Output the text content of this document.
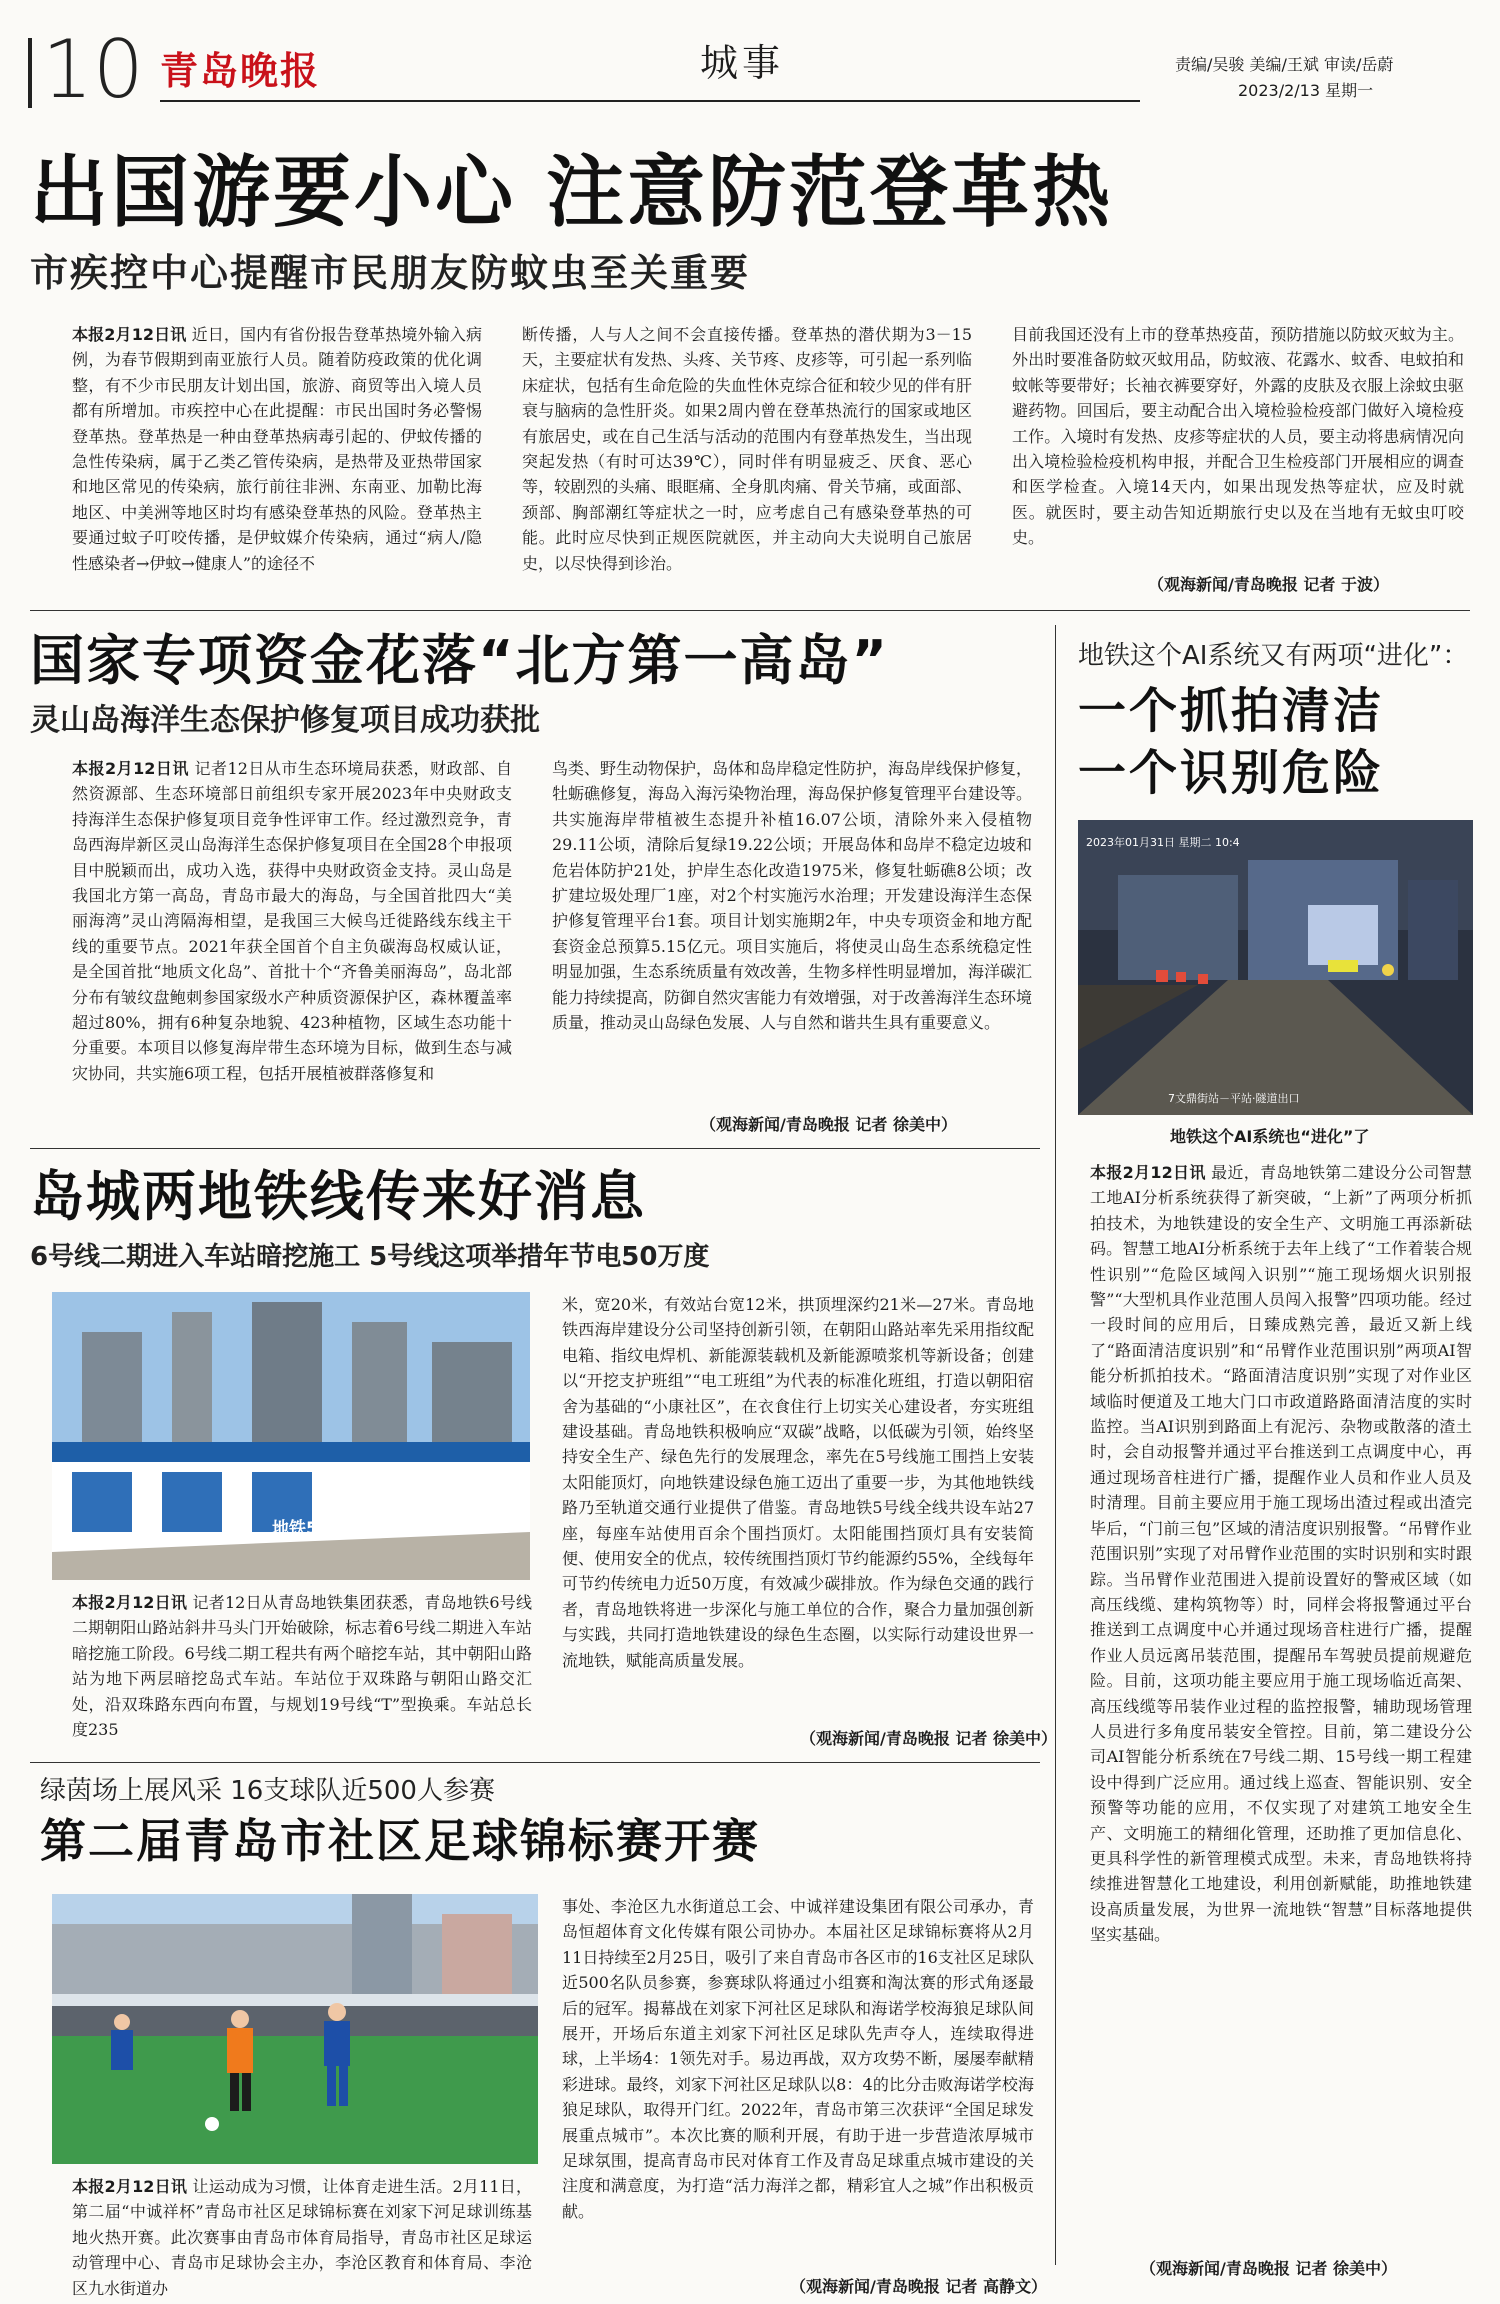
10 青岛晚报	城事	责编/吴骏 美编/王斌 审读/岳蔚
2023/2/13 星期一
出国游要小心 注意防范登革热
市疾控中心提醒市民朋友防蚊虫至关重要
本报2月12日讯 近日，国内有省份报告登革热境外输入病例，为春节假期到南亚旅行人员。随着防疫政策的优化调整，有不少市民朋友计划出国，旅游、商贸等出入境人员都有所增加。市疾控中心在此提醒：市民出国时务必警惕登革热。登革热是一种由登革热病毒引起的、伊蚊传播的急性传染病，属于乙类乙管传染病，是热带及亚热带国家和地区常见的传染病，旅行前往非洲、东南亚、加勒比海地区、中美洲等地区时均有感染登革热的风险。登革热主要通过蚊子叮咬传播，是伊蚊媒介传染病，通过“病人/隐性感染者→伊蚊→健康人”的途径不
断传播，人与人之间不会直接传播。登革热的潜伏期为3－15天，主要症状有发热、头疼、关节疼、皮疹等，可引起一系列临床症状，包括有生命危险的失血性休克综合征和较少见的伴有肝衰与脑病的急性肝炎。如果2周内曾在登革热流行的国家或地区有旅居史，或在自己生活与活动的范围内有登革热发生，当出现突起发热（有时可达39℃），同时伴有明显疲乏、厌食、恶心等，较剧烈的头痛、眼眶痛、全身肌肉痛、骨关节痛，或面部、颈部、胸部潮红等症状之一时，应考虑自己有感染登革热的可能。此时应尽快到正规医院就医，并主动向大夫说明自己旅居史，以尽快得到诊治。
目前我国还没有上市的登革热疫苗，预防措施以防蚊灭蚊为主。外出时要准备防蚊灭蚊用品，防蚊液、花露水、蚊香、电蚊拍和蚊帐等要带好；长袖衣裤要穿好，外露的皮肤及衣服上涂蚊虫驱避药物。回国后，要主动配合出入境检验检疫部门做好入境检疫工作。入境时有发热、皮疹等症状的人员，要主动将患病情况向出入境检验检疫机构申报，并配合卫生检疫部门开展相应的调查和医学检查。入境14天内，如果出现发热等症状，应及时就医。就医时，要主动告知近期旅行史以及在当地有无蚊虫叮咬史。
（观海新闻/青岛晚报 记者 于波）
国家专项资金花落“北方第一高岛”
灵山岛海洋生态保护修复项目成功获批
本报2月12日讯 记者12日从市生态环境局获悉，财政部、自然资源部、生态环境部日前组织专家开展2023年中央财政支持海洋生态保护修复项目竞争性评审工作。经过激烈竞争，青岛西海岸新区灵山岛海洋生态保护修复项目在全国28个申报项目中脱颖而出，成功入选，获得中央财政资金支持。灵山岛是我国北方第一高岛，青岛市最大的海岛，与全国首批四大“美丽海湾”灵山湾隔海相望，是我国三大候鸟迁徙路线东线主干线的重要节点。2021年获全国首个自主负碳海岛权威认证，是全国首批“地质文化岛”、首批十个“齐鲁美丽海岛”，岛北部分布有皱纹盘鲍刺参国家级水产种质资源保护区，森林覆盖率超过80%，拥有6种复杂地貌、423种植物，区域生态功能十分重要。本项目以修复海岸带生态环境为目标，做到生态与减灾协同，共实施6项工程，包括开展植被群落修复和
鸟类、野生动物保护，岛体和岛岸稳定性防护，海岛岸线保护修复，牡蛎礁修复，海岛入海污染物治理，海岛保护修复管理平台建设等。共实施海岸带植被生态提升补植16.07公顷，清除外来入侵植物29.11公顷，清除后复绿19.22公顷；开展岛体和岛岸不稳定边坡和危岩体防护21处，护岸生态化改造1975米，修复牡蛎礁8公顷；改扩建垃圾处理厂1座，对2个村实施污水治理；开发建设海洋生态保护修复管理平台1套。项目计划实施期2年，中央专项资金和地方配套资金总预算5.15亿元。项目实施后，将使灵山岛生态系统稳定性明显加强，生态系统质量有效改善，生物多样性明显增加，海洋碳汇能力持续提高，防御自然灾害能力有效增强，对于改善海洋生态环境质量，推动灵山岛绿色发展、人与自然和谐共生具有重要意义。
（观海新闻/青岛晚报 记者 徐美中）
地铁这个AI系统又有两项“进化”：
一个抓拍清洁
一个识别危险
2023年01月31日 星期二 10:4
7文鼎街站－平站·隧道出口
地铁这个AI系统也“进化”了
本报2月12日讯 最近，青岛地铁第二建设分公司智慧工地AI分析系统获得了新突破，“上新”了两项分析抓拍技术，为地铁建设的安全生产、文明施工再添新砝码。智慧工地AI分析系统于去年上线了“工作着装合规性识别”“危险区域闯入识别”“施工现场烟火识别报警”“大型机具作业范围人员闯入报警”四项功能。经过一段时间的应用后，日臻成熟完善，最近又新上线了“路面清洁度识别”和“吊臂作业范围识别”两项AI智能分析抓拍技术。“路面清洁度识别”实现了对作业区域临时便道及工地大门口市政道路路面清洁度的实时监控。当AI识别到路面上有泥污、杂物或散落的渣土时，会自动报警并通过平台推送到工点调度中心，再通过现场音柱进行广播，提醒作业人员和作业人员及时清理。目前主要应用于施工现场出渣过程或出渣完毕后，“门前三包”区域的清洁度识别报警。“吊臂作业范围识别”实现了对吊臂作业范围的实时识别和实时跟踪。当吊臂作业范围进入提前设置好的警戒区域（如高压线缆、建构筑物等）时，同样会将报警通过平台推送到工点调度中心并通过现场音柱进行广播，提醒作业人员远离吊装范围，提醒吊车驾驶员提前规避危险。目前，这项功能主要应用于施工现场临近高架、高压线缆等吊装作业过程的监控报警，辅助现场管理人员进行多角度吊装安全管控。目前，第二建设分公司AI智能分析系统在7号线二期、15号线一期工程建设中得到广泛应用。通过线上巡查、智能识别、安全预警等功能的应用，不仅实现了对建筑工地安全生产、文明施工的精细化管理，还助推了更加信息化、更具科学性的新管理模式成型。未来，青岛地铁将持续推进智慧化工地建设，利用创新赋能，助推地铁建设高质量发展，为世界一流地铁“智慧”目标落地提供坚实基础。
（观海新闻/青岛晚报 记者 徐美中）
岛城两地铁线传来好消息
6号线二期进入车站暗挖施工 5号线这项举措年节电50万度
地铁5号线节能举措
本报2月12日讯 记者12日从青岛地铁集团获悉，青岛地铁6号线二期朝阳山路站斜井马头门开始破除，标志着6号线二期进入车站暗挖施工阶段。6号线二期工程共有两个暗挖车站，其中朝阳山路站为地下两层暗挖岛式车站。车站位于双珠路与朝阳山路交汇处，沿双珠路东西向布置，与规划19号线“T”型换乘。车站总长度235
米，宽20米，有效站台宽12米，拱顶埋深约21米—27米。青岛地铁西海岸建设分公司坚持创新引领，在朝阳山路站率先采用指纹配电箱、指纹电焊机、新能源装载机及新能源喷浆机等新设备；创建以“开挖支护班组”“电工班组”为代表的标准化班组，打造以朝阳宿舍为基础的“小康社区”，在衣食住行上切实关心建设者，夯实班组建设基础。青岛地铁积极响应“双碳”战略，以低碳为引领，始终坚持安全生产、绿色先行的发展理念，率先在5号线施工围挡上安装太阳能顶灯，向地铁建设绿色施工迈出了重要一步，为其他地铁线路乃至轨道交通行业提供了借鉴。青岛地铁5号线全线共设车站27座，每座车站使用百余个围挡顶灯。太阳能围挡顶灯具有安装简便、使用安全的优点，较传统围挡顶灯节约能源约55%，全线每年可节约传统电力近50万度，有效减少碳排放。作为绿色交通的践行者，青岛地铁将进一步深化与施工单位的合作，聚合力量加强创新与实践，共同打造地铁建设的绿色生态圈，以实际行动建设世界一流地铁，赋能高质量发展。
（观海新闻/青岛晚报 记者 徐美中）
绿茵场上展风采 16支球队近500人参赛
第二届青岛市社区足球锦标赛开赛
本报2月12日讯 让运动成为习惯，让体育走进生活。2月11日，第二届“中诚祥杯”青岛市社区足球锦标赛在刘家下河足球训练基地火热开赛。此次赛事由青岛市体育局指导，青岛市社区足球运动管理中心、青岛市足球协会主办，李沧区教育和体育局、李沧区九水街道办
事处、李沧区九水街道总工会、中诚祥建设集团有限公司承办，青岛恒超体育文化传媒有限公司协办。本届社区足球锦标赛将从2月11日持续至2月25日，吸引了来自青岛市各区市的16支社区足球队近500名队员参赛，参赛球队将通过小组赛和淘汰赛的形式角逐最后的冠军。揭幕战在刘家下河社区足球队和海诺学校海狼足球队间展开，开场后东道主刘家下河社区足球队先声夺人，连续取得进球，上半场4：1领先对手。易边再战，双方攻势不断，屡屡奉献精彩进球。最终，刘家下河社区足球队以8：4的比分击败海诺学校海狼足球队，取得开门红。2022年，青岛市第三次获评“全国足球发展重点城市”。本次比赛的顺利开展，有助于进一步营造浓厚城市足球氛围，提高青岛市民对体育工作及青岛足球重点城市建设的关注度和满意度，为打造“活力海洋之都，精彩宜人之城”作出积极贡献。
（观海新闻/青岛晚报 记者 高静文）
